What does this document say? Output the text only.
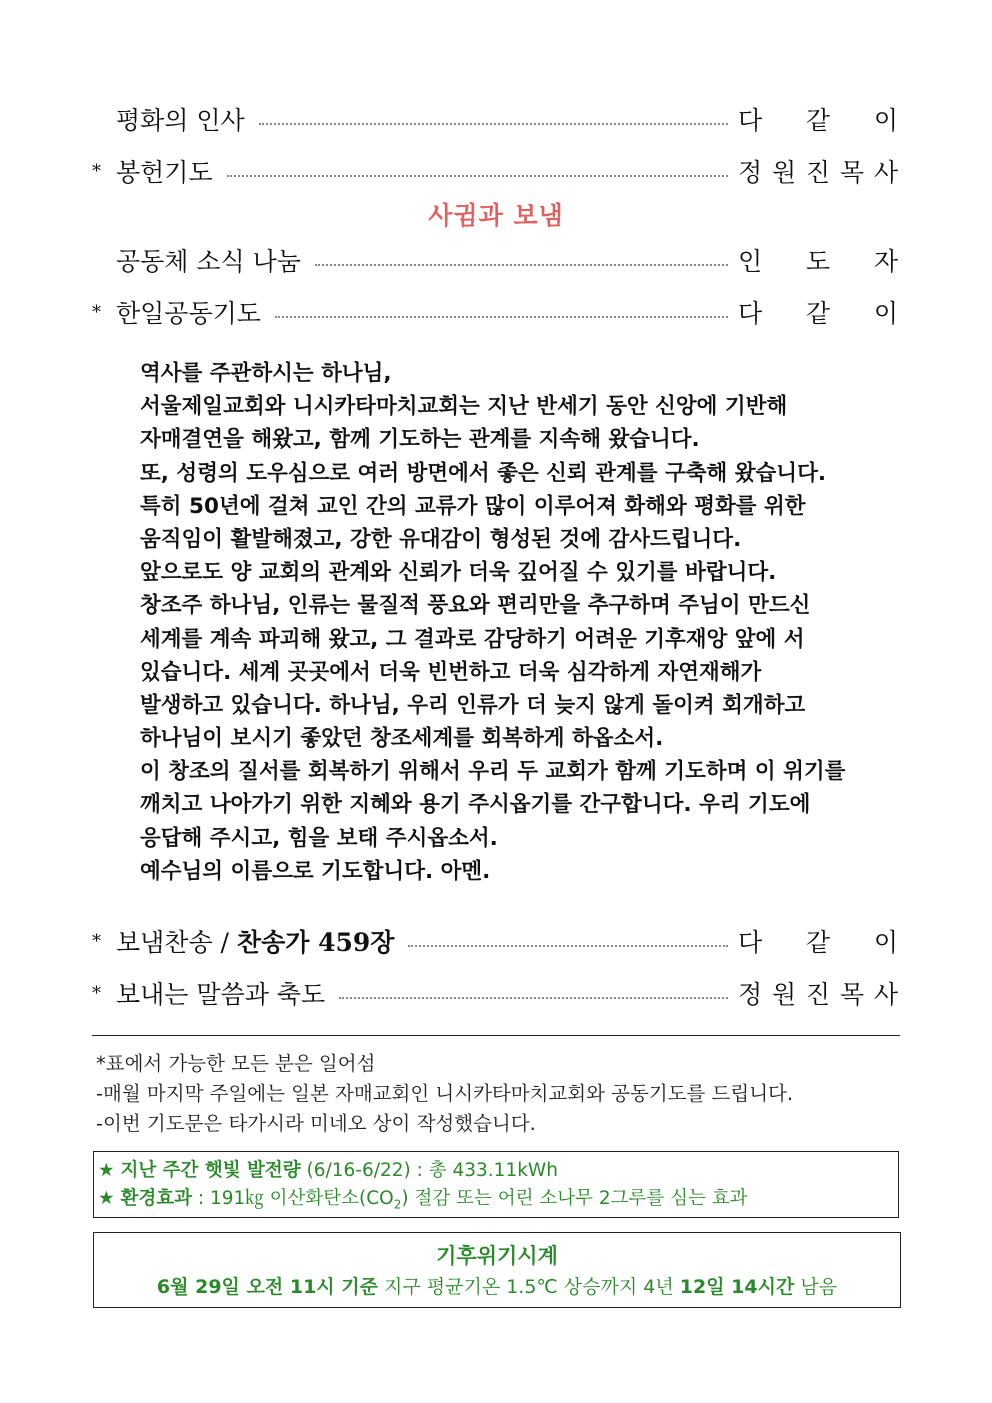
평화의 인사	다 같 이
* 봉헌기도	정 원 진 목 사
사귐과 보냄
공동체 소식 나눔	인 도 자
* 한일공동기도	다 같 이
역사를 주관하시는 하나님,
서울제일교회와 니시카타마치교회는 지난 반세기 동안 신앙에 기반해
자매결연을 해왔고, 함께 기도하는 관계를 지속해 왔습니다.
또, 성령의 도우심으로 여러 방면에서 좋은 신뢰 관계를 구축해 왔습니다.
특히 50년에 걸쳐 교인 간의 교류가 많이 이루어져 화해와 평화를 위한
움직임이 활발해졌고, 강한 유대감이 형성된 것에 감사드립니다.
앞으로도 양 교회의 관계와 신뢰가 더욱 깊어질 수 있기를 바랍니다.
창조주 하나님, 인류는 물질적 풍요와 편리만을 추구하며 주님이 만드신
세계를 계속 파괴해 왔고, 그 결과로 감당하기 어려운 기후재앙 앞에 서
있습니다. 세계 곳곳에서 더욱 빈번하고 더욱 심각하게 자연재해가
발생하고 있습니다. 하나님, 우리 인류가 더 늦지 않게 돌이켜 회개하고
하나님이 보시기 좋았던 창조세계를 회복하게 하옵소서.
이 창조의 질서를 회복하기 위해서 우리 두 교회가 함께 기도하며 이 위기를
깨치고 나아가기 위한 지혜와 용기 주시옵기를 간구합니다. 우리 기도에
응답해 주시고, 힘을 보태 주시옵소서.
예수님의 이름으로 기도합니다. 아멘.
* 보냄찬송 / 찬송가 459장	다 같 이
* 보내는 말씀과 축도	정 원 진 목 사
*표에서 가능한 모든 분은 일어섬
-매월 마지막 주일에는 일본 자매교회인 니시카타마치교회와 공동기도를 드립니다.
-이번 기도문은 타가시라 미네오 상이 작성했습니다.
★ 지난 주간 햇빛 발전량 (6/16-6/22) : 총 433.11kWh
★ 환경효과 : 191㎏ 이산화탄소$(CO_2)$ 절감 또는 어린 소나무 2그루를 심는 효과
기후위기시계
6월 29일 오전 11시 기준 지구 평균기온 1.5℃ 상승까지 4년 12일 14시간 남음
